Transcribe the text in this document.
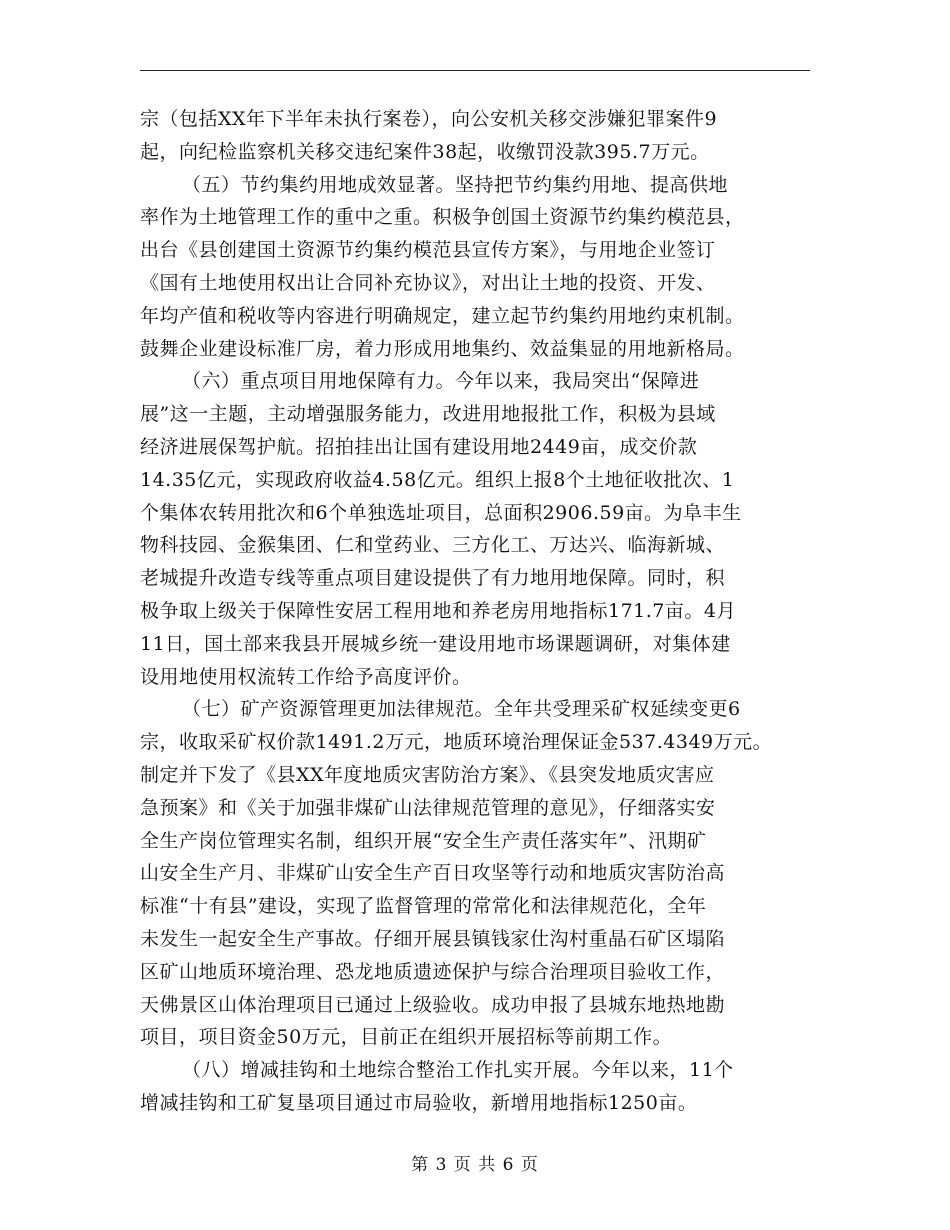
宗（包括XX年下半年未执行案卷），向公安机关移交涉嫌犯罪案件9
起，向纪检监察机关移交违纪案件38起，收缴罚没款395.7万元。
（五）节约集约用地成效显著。坚持把节约集约用地、提高供地
率作为土地管理工作的重中之重。积极争创国土资源节约集约模范县，
出台《县创建国土资源节约集约模范县宣传方案》，与用地企业签订
《国有土地使用权出让合同补充协议》，对出让土地的投资、开发、
年均产值和税收等内容进行明确规定，建立起节约集约用地约束机制。
鼓舞企业建设标准厂房，着力形成用地集约、效益集显的用地新格局。
（六）重点项目用地保障有力。今年以来，我局突出“保障进
展”这一主题，主动增强服务能力，改进用地报批工作，积极为县域
经济进展保驾护航。招拍挂出让国有建设用地2449亩，成交价款
14.35亿元，实现政府收益4.58亿元。组织上报8个土地征收批次、1
个集体农转用批次和6个单独选址项目，总面积2906.59亩。为阜丰生
物科技园、金猴集团、仁和堂药业、三方化工、万达兴、临海新城、
老城提升改造专线等重点项目建设提供了有力地用地保障。同时，积
极争取上级关于保障性安居工程用地和养老房用地指标171.7亩。4月
11日，国土部来我县开展城乡统一建设用地市场课题调研，对集体建
设用地使用权流转工作给予高度评价。
（七）矿产资源管理更加法律规范。全年共受理采矿权延续变更6
宗，收取采矿权价款1491.2万元，地质环境治理保证金537.4349万元。
制定并下发了《县XX年度地质灾害防治方案》、《县突发地质灾害应
急预案》和《关于加强非煤矿山法律规范管理的意见》，仔细落实安
全生产岗位管理实名制，组织开展“安全生产责任落实年”、汛期矿
山安全生产月、非煤矿山安全生产百日攻坚等行动和地质灾害防治高
标准“十有县”建设，实现了监督管理的常常化和法律规范化，全年
未发生一起安全生产事故。仔细开展县镇钱家仕沟村重晶石矿区塌陷
区矿山地质环境治理、恐龙地质遗迹保护与综合治理项目验收工作，
天佛景区山体治理项目已通过上级验收。成功申报了县城东地热地勘
项目，项目资金50万元，目前正在组织开展招标等前期工作。
（八）增减挂钩和土地综合整治工作扎实开展。今年以来，11个
增减挂钩和工矿复垦项目通过市局验收，新增用地指标1250亩。
第 3 页 共 6 页
